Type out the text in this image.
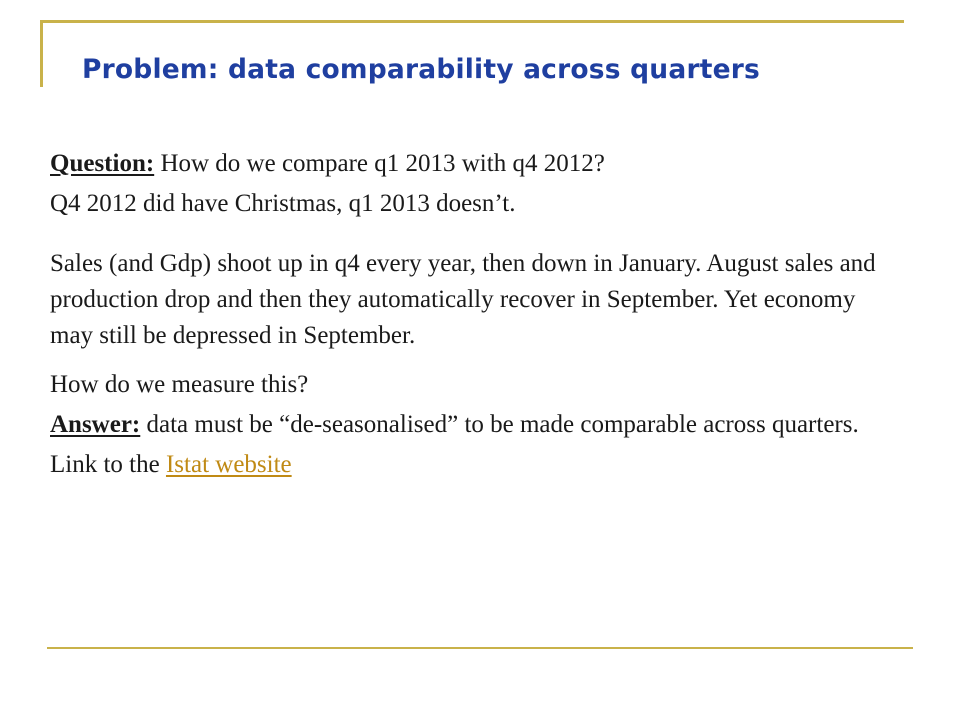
Problem: data comparability across quarters

Question: How do we compare q1 2013 with q4 2012?

Q4 2012 did have Christmas, q1 2013 doesn’t.

Sales (and Gdp) shoot up in q4 every year, then down in January. August sales and production drop and then they automatically recover in September. Yet economy may still be depressed in September.

How do we measure this?

Answer: data must be “de-seasonalised” to be made comparable across quarters.

Link to the Istat website
